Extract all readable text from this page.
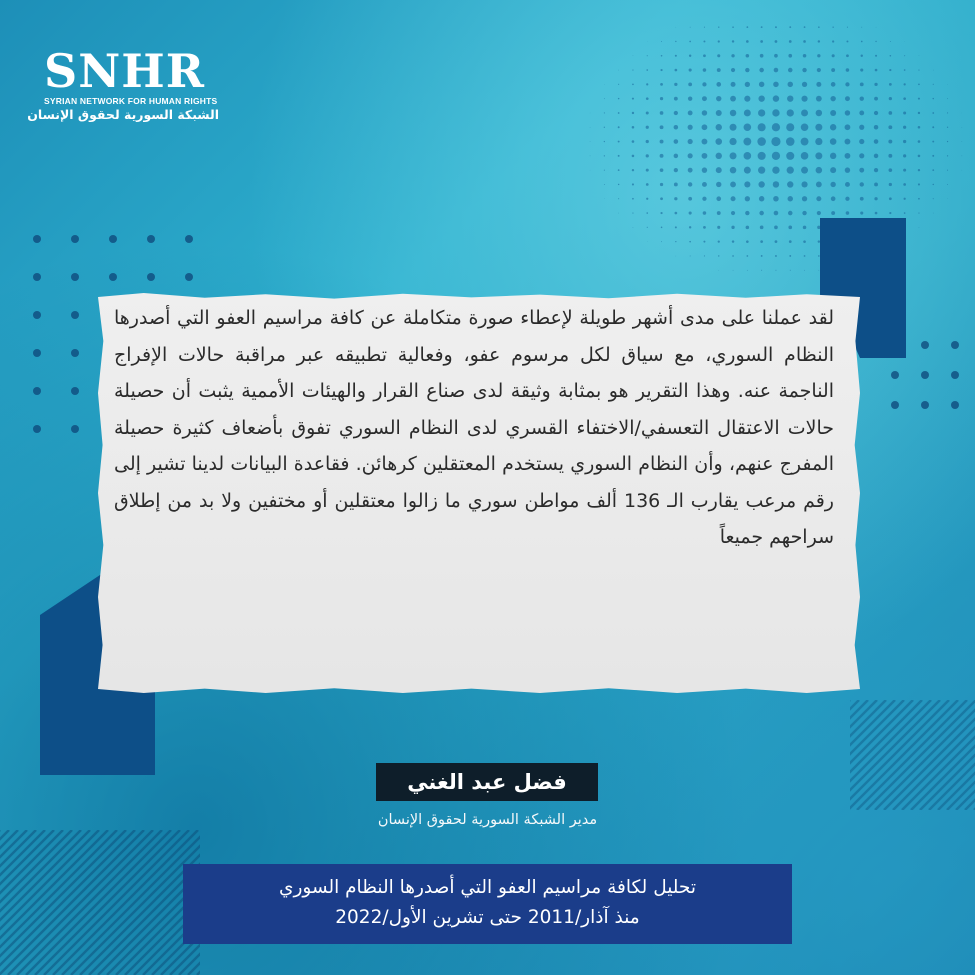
SNHR
SYRIAN NETWORK FOR HUMAN RIGHTS
الشبكة السورية لحقوق الإنسان
لقد عملنا على مدى أشهر طويلة لإعطاء صورة متكاملة عن كافة مراسيم العفو التي أصدرها النظام السوري، مع سياق لكل مرسوم عفو، وفعالية تطبيقه عبر مراقبة حالات الإفراج الناجمة عنه. وهذا التقرير هو بمثابة وثيقة لدى صناع القرار والهيئات الأممية يثبت أن حصيلة حالات الاعتقال التعسفي/الاختفاء القسري لدى النظام السوري تفوق بأضعاف كثيرة حصيلة المفرج عنهم، وأن النظام السوري يستخدم المعتقلين كرهائن. فقاعدة البيانات لدينا تشير إلى رقم مرعب يقارب الـ 136 ألف مواطن سوري ما زالوا معتقلين أو مختفين ولا بد من إطلاق سراحهم جميعاً
فضل عبد الغني
مدير الشبكة السورية لحقوق الإنسان
تحليل لكافة مراسيم العفو التي أصدرها النظام السوري
منذ آذار/2011 حتى تشرين الأول/2022
